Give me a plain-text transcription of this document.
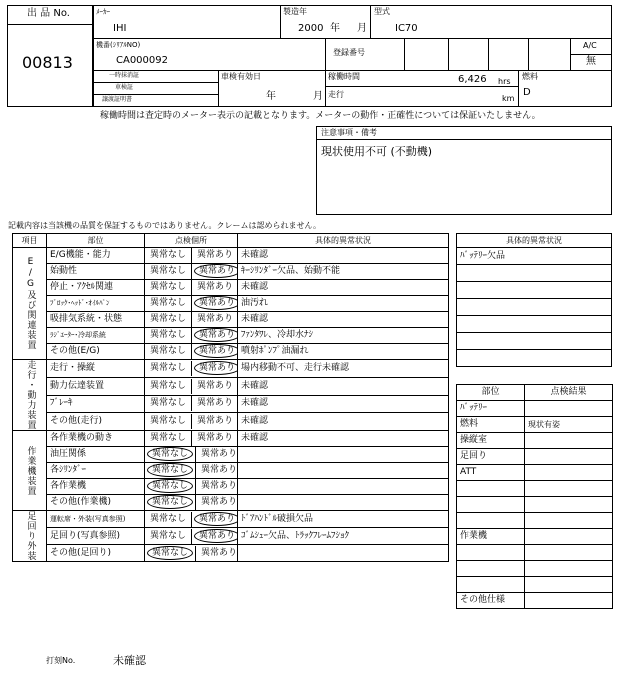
出 品 No.
00813
ﾒｰｶｰ
IHI
製造年
2000 年 月
型式
IC70
機番(ｼﾘｱﾙNO)
CA000092
登録番号
A/C
無
一時抹消証
車検証
譲渡証明書
車検有効日
年	月
稼働時間	6,426 hrs
km
走行
燃料
D
稼働時間は査定時のメーター表示の記載となります。メーターの動作・正確性については保証いたしません。
注意事項・備考
現状使用不可 (不動機)
記載内容は当該機の品質を保証するものではありません。クレームは認められません。
項目	部位	点検個所	具体的異常状況

E/G及び関連装置	E/G機能・能力	異常なし 異常あり	未確認
	始動性	異常なし 異常あり	ｷｰｼﾘﾝﾀﾞｰ欠品、始動不能
	停止・ｱｸｾﾙ関連	異常なし 異常あり	未確認
	ﾌﾞﾛｯｸ･ﾍｯﾄﾞ･ｵｲﾙﾊﾟﾝ	異常なし 異常あり	油汚れ
	吸排気系統・状態	異常なし 異常あり	未確認
	ﾗｼﾞｴｰﾀｰ･冷却系統	異常なし 異常あり	ﾌｧﾝﾀﾜﾚ、冷却水ﾅｼ
	その他(E/G)	異常なし 異常あり	噴射ﾎﾟﾝﾌﾟ油漏れ

走行・動力装置	走行・操縦	異常なし 異常あり	場内移動不可、走行未確認
	動力伝達装置	異常なし 異常あり	未確認
	ﾌﾞﾚｰｷ	異常なし 異常あり	未確認
	その他(走行)	異常なし 異常あり	未確認

作業機装置	各作業機の動き	異常なし 異常あり	未確認
	油圧関係	異常なし 異常あり	
	各ｼﾘﾝﾀﾞｰ	異常なし 異常あり	
	各作業機	異常なし 異常あり	
	その他(作業機)	異常なし 異常あり	

足回り外装	運転席・外装(写真参照)	異常なし 異常あり	ﾄﾞｱﾊﾝﾄﾞﾙ破損欠品
	足回り(写真参照)	異常なし 異常あり	ｺﾞﾑｼｭｰ欠品、ﾄﾗｯｸﾌﾚｰﾑﾌｼｮｸ
	その他(足回り)	異常なし 異常あり	
具体的異常状況
ﾊﾞｯﾃﾘｰ欠品

部位	点検結果
ﾊﾞｯﾃﾘｰ	
燃料	現状有姿
操縦室	
足回り	
ATT	

作業機	

その他仕様	
打刻No.	未確認
